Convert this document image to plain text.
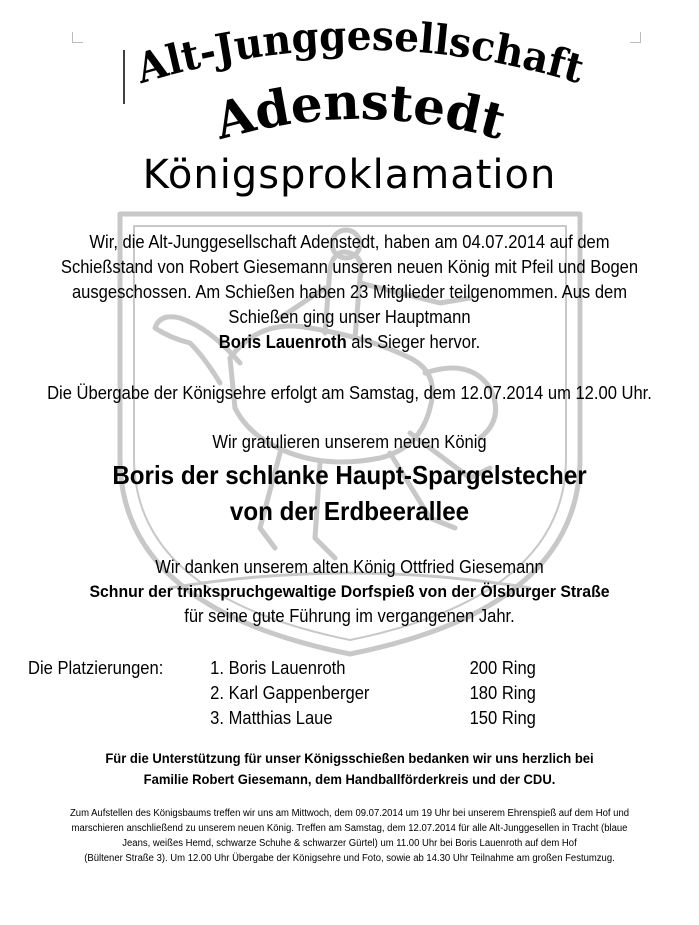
Alt-Junggesellschaft
Adenstedt
Königsproklamation
Wir, die Alt-Junggesellschaft Adenstedt, haben am 04.07.2014 auf dem
Schießstand von Robert Giesemann unseren neuen König mit Pfeil und Bogen
ausgeschossen. Am Schießen haben 23 Mitglieder teilgenommen. Aus dem
Schießen ging unser Hauptmann
Boris Lauenroth als Sieger hervor.
Die Übergabe der Königsehre erfolgt am Samstag, dem 12.07.2014 um 12.00 Uhr.
Wir gratulieren unserem neuen König
Boris der schlanke Haupt-Spargelstecher
von der Erdbeerallee
Wir danken unserem alten König Ottfried Giesemann
Schnur der trinkspruchgewaltige Dorfspieß von der Ölsburger Straße
für seine gute Führung im vergangenen Jahr.
Die Platzierungen:	1. Boris Lauenroth	200 Ring
2. Karl Gappenberger	180 Ring
3. Matthias Laue	150 Ring
Für die Unterstützung für unser Königsschießen bedanken wir uns herzlich bei
Familie Robert Giesemann, dem Handballförderkreis und der CDU.
Zum Aufstellen des Königsbaums treffen wir uns am Mittwoch, dem 09.07.2014 um 19 Uhr bei unserem Ehrenspieß auf dem Hof und
marschieren anschließend zu unserem neuen König. Treffen am Samstag, dem 12.07.2014 für alle Alt-Junggesellen in Tracht (blaue
Jeans, weißes Hemd, schwarze Schuhe & schwarzer Gürtel) um 11.00 Uhr bei Boris Lauenroth auf dem Hof
(Bültener Straße 3). Um 12.00 Uhr Übergabe der Königsehre und Foto, sowie ab 14.30 Uhr Teilnahme am großen Festumzug.
